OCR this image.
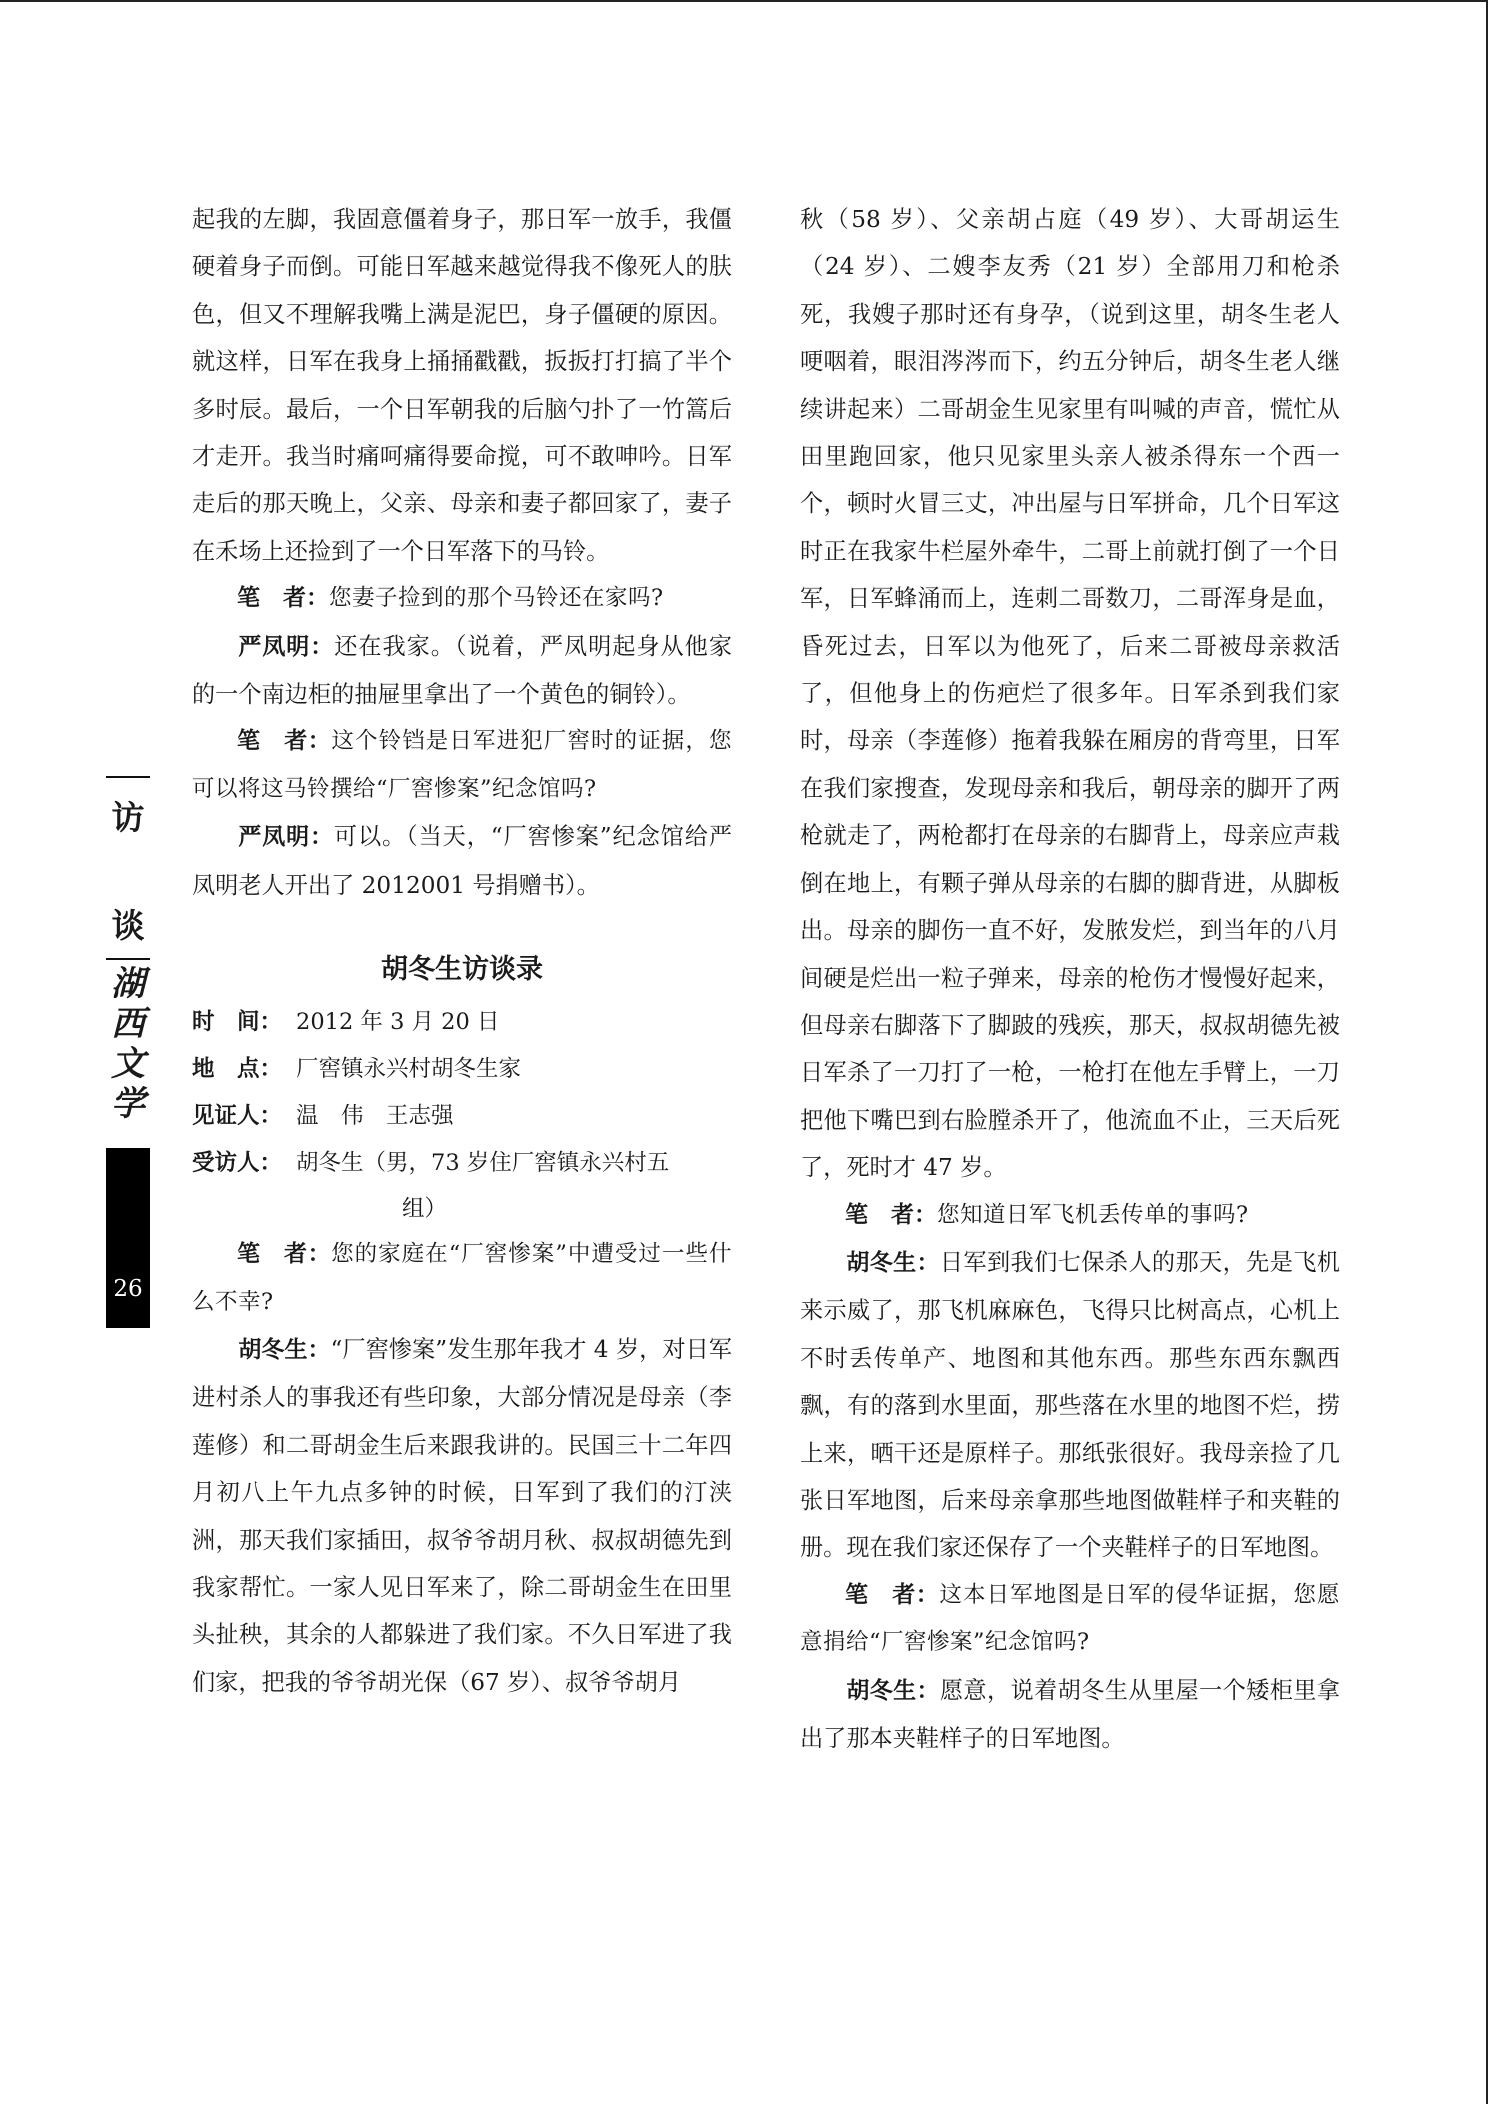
访
谈
湖
西
文
学
26

起我的左脚，我固意僵着身子，那日军一放手，我僵硬着身子而倒。可能日军越来越觉得我不像死人的肤色，但又不理解我嘴上满是泥巴，身子僵硬的原因。就这样，日军在我身上捅捅戳戳，扳扳打打搞了半个多时辰。最后，一个日军朝我的后脑勺扑了一竹篙后才走开。我当时痛呵痛得要命搅，可不敢呻吟。日军走后的那天晚上，父亲、母亲和妻子都回家了，妻子在禾场上还捡到了一个日军落下的马铃。

笔　者：您妻子捡到的那个马铃还在家吗?

严凤明：还在我家。（说着，严凤明起身从他家的一个南边柜的抽屉里拿出了一个黄色的铜铃）。

笔　者：这个铃铛是日军进犯厂窖时的证据，您可以将这马铃撰给“厂窖惨案”纪念馆吗?

严凤明：可以。（当天，“厂窖惨案”纪念馆给严凤明老人开出了 2012001 号捐赠书）。

胡冬生访谈录
时　间： 2012 年 3 月 20 日
地　点： 厂窖镇永兴村胡冬生家
见证人： 温　伟　王志强
受访人： 胡冬生（男，73 岁住厂窖镇永兴村五
组）

笔　者：您的家庭在“厂窖惨案”中遭受过一些什么不幸?

胡冬生：“厂窖惨案”发生那年我才 4 岁，对日军进村杀人的事我还有些印象，大部分情况是母亲（李莲修）和二哥胡金生后来跟我讲的。民国三十二年四月初八上午九点多钟的时候，日军到了我们的汀浃洲，那天我们家插田，叔爷爷胡月秋、叔叔胡德先到我家帮忙。一家人见日军来了，除二哥胡金生在田里头扯秧，其余的人都躲进了我们家。不久日军进了我们家，把我的爷爷胡光保（67 岁）、叔爷爷胡月

秋（58 岁）、父亲胡占庭（49 岁）、大哥胡运生（24 岁）、二嫂李友秀（21 岁）全部用刀和枪杀死，我嫂子那时还有身孕，（说到这里，胡冬生老人哽咽着，眼泪涔涔而下，约五分钟后，胡冬生老人继续讲起来）二哥胡金生见家里有叫喊的声音，慌忙从田里跑回家，他只见家里头亲人被杀得东一个西一个，顿时火冒三丈，冲出屋与日军拼命，几个日军这时正在我家牛栏屋外牵牛，二哥上前就打倒了一个日军，日军蜂涌而上，连刺二哥数刀，二哥浑身是血，昏死过去，日军以为他死了，后来二哥被母亲救活了，但他身上的伤疤烂了很多年。日军杀到我们家时，母亲（李莲修）拖着我躲在厢房的背弯里，日军在我们家搜查，发现母亲和我后，朝母亲的脚开了两枪就走了，两枪都打在母亲的右脚背上，母亲应声栽倒在地上，有颗子弹从母亲的右脚的脚背进，从脚板出。母亲的脚伤一直不好，发脓发烂，到当年的八月间硬是烂出一粒子弹来，母亲的枪伤才慢慢好起来，但母亲右脚落下了脚跛的残疾，那天，叔叔胡德先被日军杀了一刀打了一枪，一枪打在他左手臂上，一刀把他下嘴巴到右脸膛杀开了，他流血不止，三天后死了，死时才 47 岁。

笔　者：您知道日军飞机丢传单的事吗?

胡冬生：日军到我们七保杀人的那天，先是飞机来示威了，那飞机麻麻色，飞得只比树高点，心机上不时丢传单产、地图和其他东西。那些东西东飘西飘，有的落到水里面，那些落在水里的地图不烂，捞上来，晒干还是原样子。那纸张很好。我母亲捡了几张日军地图，后来母亲拿那些地图做鞋样子和夹鞋的册。现在我们家还保存了一个夹鞋样子的日军地图。

笔　者：这本日军地图是日军的侵华证据，您愿意捐给“厂窖惨案”纪念馆吗?

胡冬生：愿意，说着胡冬生从里屋一个矮柜里拿出了那本夹鞋样子的日军地图。
